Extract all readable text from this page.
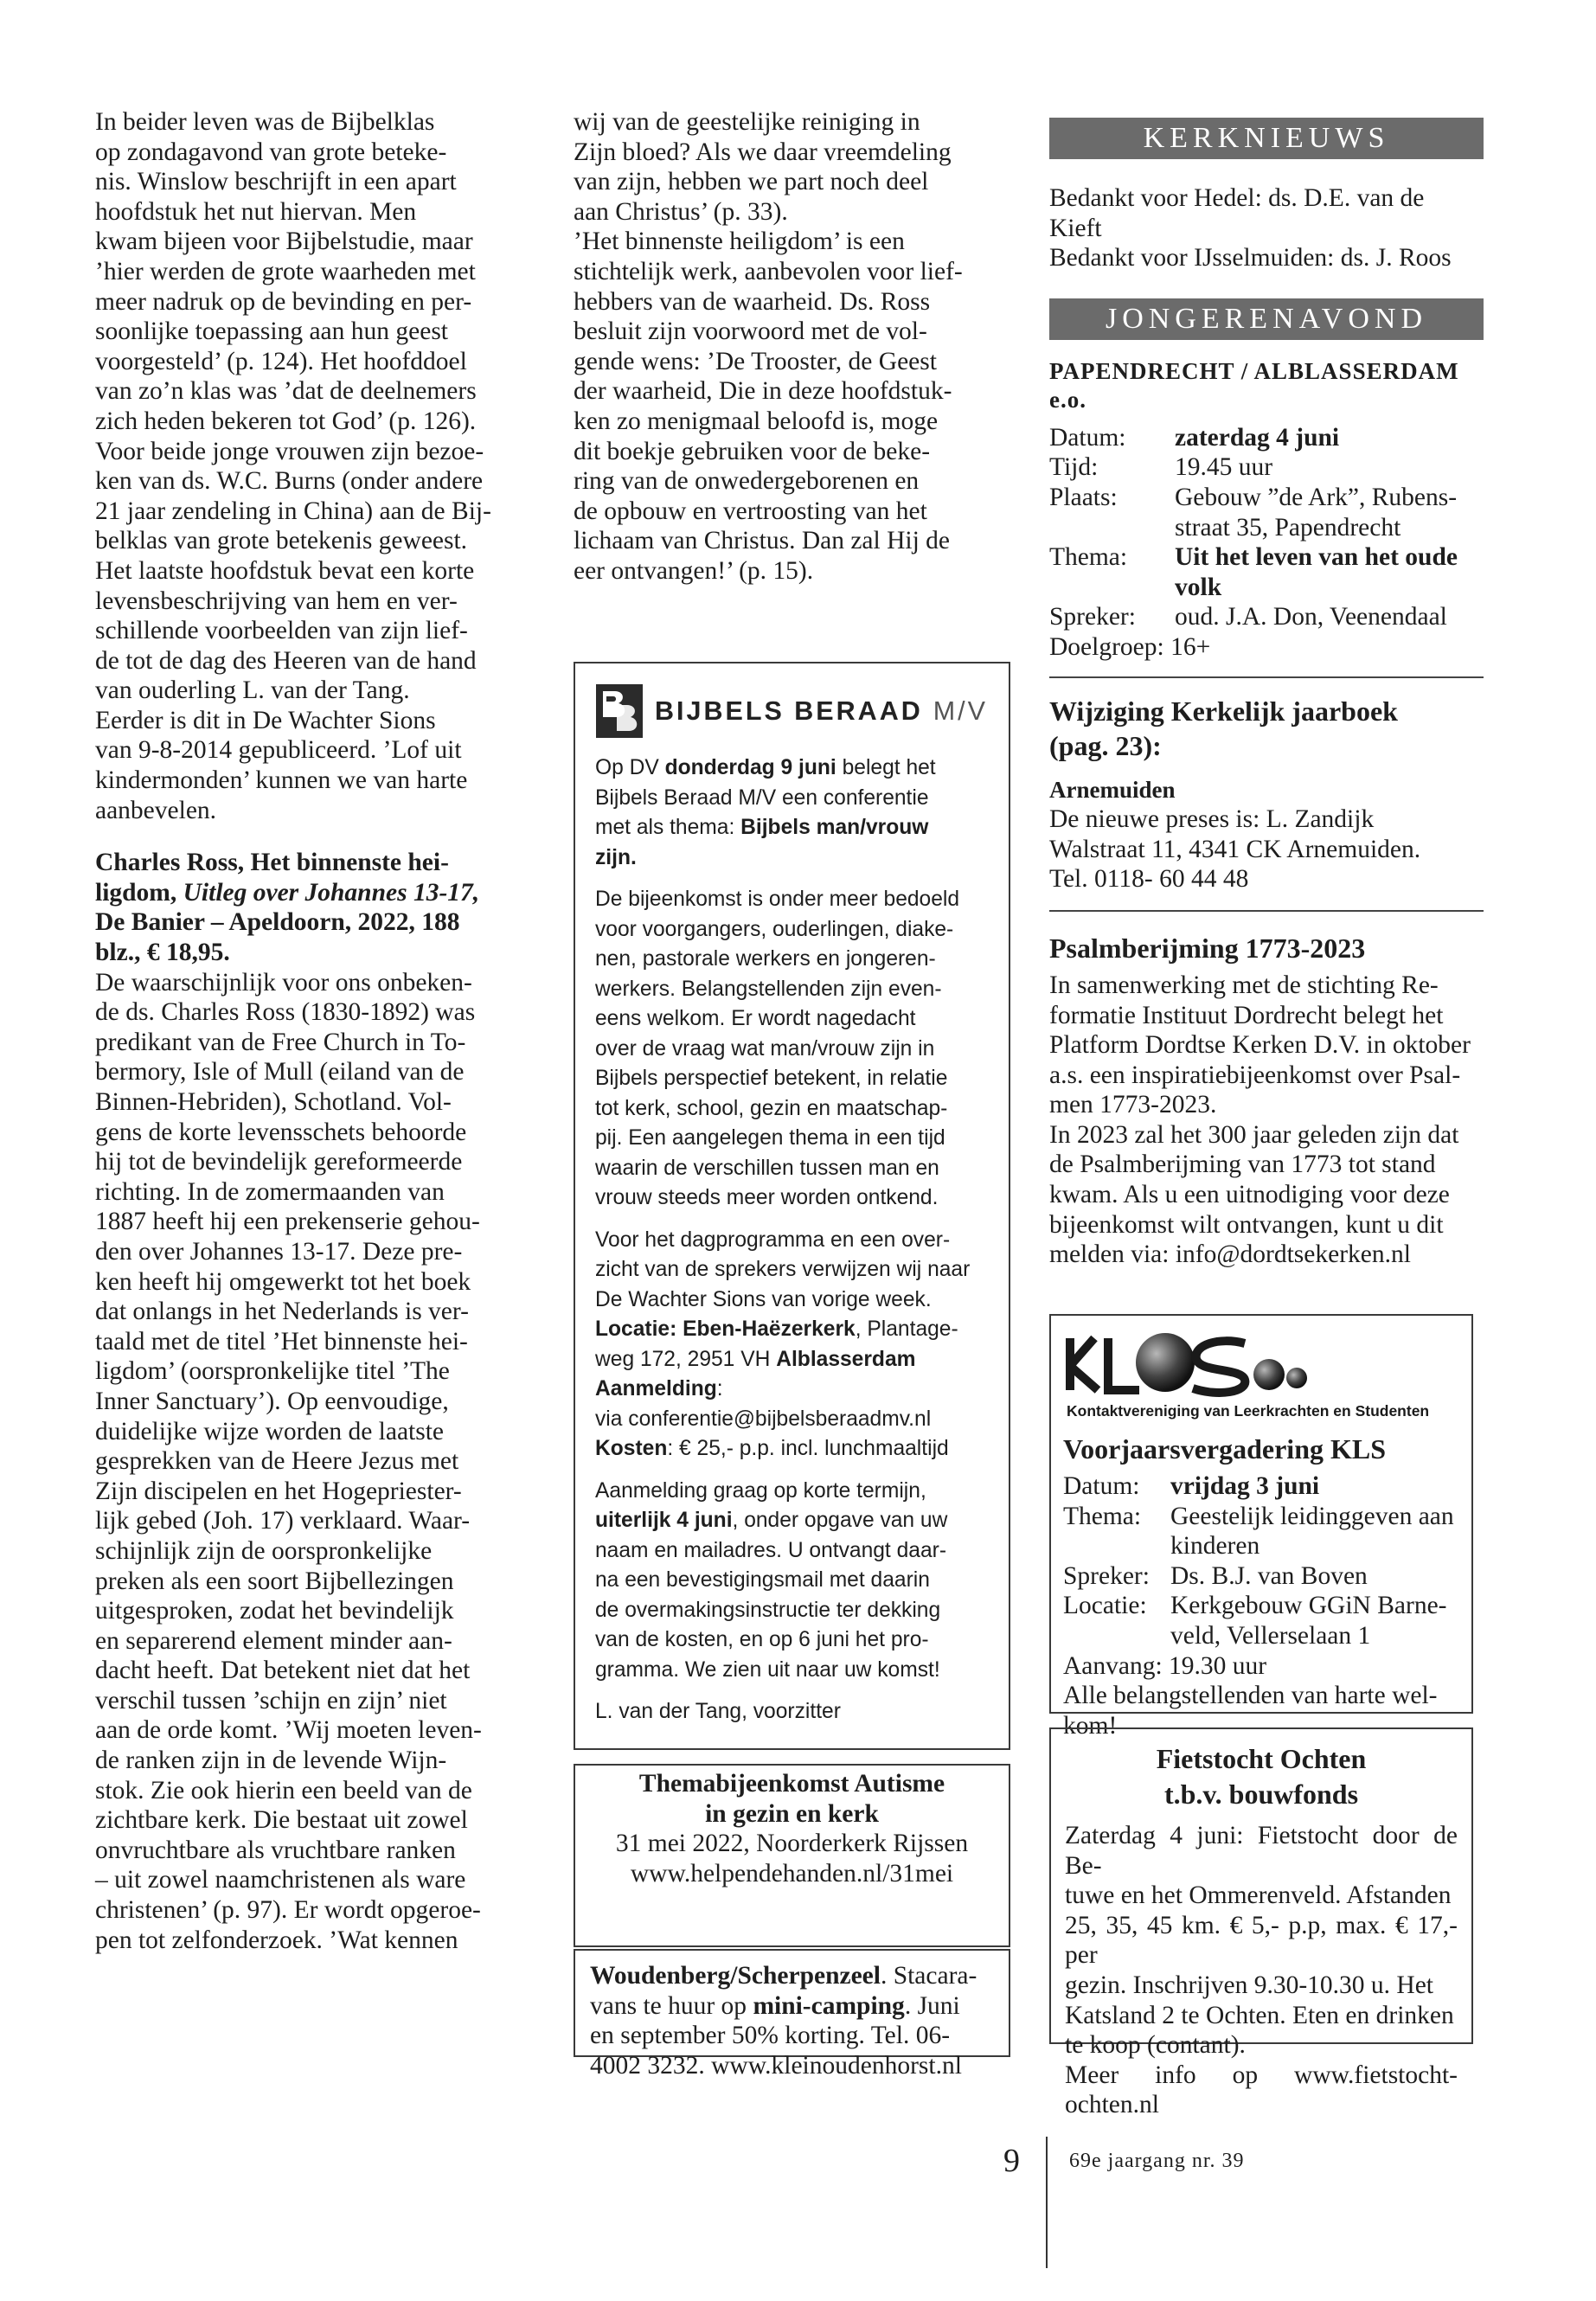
In beider leven was de Bijbelklas

op zondagavond van grote beteke-

nis. Winslow beschrijft in een apart

hoofdstuk het nut hiervan. Men

kwam bijeen voor Bijbelstudie, maar

’hier werden de grote waarheden met

meer nadruk op de bevinding en per-

soonlijke toepassing aan hun geest

voorgesteld’ (p. 124). Het hoofddoel

van zo’n klas was ’dat de deelnemers

zich heden bekeren tot God’ (p. 126).

Voor beide jonge vrouwen zijn bezoe-

ken van ds. W.C. Burns (onder andere

21 jaar zendeling in China) aan de Bij-

belklas van grote betekenis geweest.

Het laatste hoofdstuk bevat een korte

levensbeschrijving van hem en ver-

schillende voorbeelden van zijn lief-

de tot de dag des Heeren van de hand

van ouderling L. van der Tang.

Eerder is dit in De Wachter Sions

van 9-8-2014 gepubliceerd. ’Lof uit

kindermonden’ kunnen we van harte

aanbevelen.

Charles Ross, Het binnenste hei-

ligdom, Uitleg over Johannes 13-17,

De Banier – Apeldoorn, 2022, 188

blz., € 18,95.

De waarschijnlijk voor ons onbeken-

de ds. Charles Ross (1830-1892) was

predikant van de Free Church in To-

bermory, Isle of Mull (eiland van de

Binnen-Hebriden), Schotland. Vol-

gens de korte levensschets behoorde

hij tot de bevindelijk gereformeerde

richting. In de zomermaanden van

1887 heeft hij een prekenserie gehou-

den over Johannes 13-17. Deze pre-

ken heeft hij omgewerkt tot het boek

dat onlangs in het Nederlands is ver-

taald met de titel ’Het binnenste hei-

ligdom’ (oorspronkelijke titel ’The

Inner Sanctuary’). Op eenvoudige,

duidelijke wijze worden de laatste

gesprekken van de Heere Jezus met

Zijn discipelen en het Hogepriester-

lijk gebed (Joh. 17) verklaard. Waar-

schijnlijk zijn de oorspronkelijke

preken als een soort Bijbellezingen

uitgesproken, zodat het bevindelijk

en separerend element minder aan-

dacht heeft. Dat betekent niet dat het

verschil tussen ’schijn en zijn’ niet

aan de orde komt. ’Wij moeten leven-

de ranken zijn in de levende Wijn-

stok. Zie ook hierin een beeld van de

zichtbare kerk. Die bestaat uit zowel

onvruchtbare als vruchtbare ranken

– uit zowel naamchristenen als ware

christenen’ (p. 97). Er wordt opgeroe-

pen tot zelfonderzoek. ’Wat kennen

wij van de geestelijke reiniging in

Zijn bloed? Als we daar vreemdeling

van zijn, hebben we part noch deel

aan Christus’ (p. 33).

’Het binnenste heiligdom’ is een

stichtelijk werk, aanbevolen voor lief-

hebbers van de waarheid. Ds. Ross

besluit zijn voorwoord met de vol-

gende wens: ’De Trooster, de Geest

der waarheid, Die in deze hoofdstuk-

ken zo menigmaal beloofd is, moge

dit boekje gebruiken voor de beke-

ring van de onwedergeborenen en

de opbouw en vertroosting van het

lichaam van Christus. Dan zal Hij de

eer ontvangen!’ (p. 15).

BIJBELS BERAAD M/V

Op DV donderdag 9 juni belegt het

Bijbels Beraad M/V een conferentie

met als thema: Bijbels man/vrouw

zijn.

De bijeenkomst is onder meer bedoeld

voor voorgangers, ouderlingen, diake-

nen, pastorale werkers en jongeren-

werkers. Belangstellenden zijn even-

eens welkom. Er wordt nagedacht

over de vraag wat man/vrouw zijn in

Bijbels perspectief betekent, in relatie

tot kerk, school, gezin en maatschap-

pij. Een aangelegen thema in een tijd

waarin de verschillen tussen man en

vrouw steeds meer worden ontkend.

Voor het dagprogramma en een over-

zicht van de sprekers verwijzen wij naar

De Wachter Sions van vorige week.

Locatie: Eben-Haëzerkerk, Plantage-

weg 172, 2951 VH Alblasserdam

Aanmelding:

via conferentie@bijbelsberaadmv.nl

Kosten: € 25,- p.p. incl. lunchmaaltijd

Aanmelding graag op korte termijn,

uiterlijk 4 juni, onder opgave van uw

naam en mailadres. U ontvangt daar-

na een bevestigingsmail met daarin

de overmakingsinstructie ter dekking

van de kosten, en op 6 juni het pro-

gramma. We zien uit naar uw komst!

L. van der Tang, voorzitter

Themabijeenkomst Autisme

in gezin en kerk

31 mei 2022, Noorderkerk Rijssen

www.helpendehanden.nl/31mei

Woudenberg/Scherpenzeel. Stacara-

vans te huur op mini-camping. Juni

en september 50% korting. Tel. 06-

4002 3232. www.kleinoudenhorst.nl

KERKNIEUWS

Bedankt voor Hedel: ds. D.E. van de

Kieft

Bedankt voor IJsselmuiden: ds. J. Roos

JONGERENAVOND

PAPENDRECHT / ALBLASSERDAM

e.o.

Datum:	zaterdag 4 juni
Tijd:	19.45 uur
Plaats:	Gebouw ”de Ark”, Rubens-
straat 35, Papendrecht
Thema:	Uit het leven van het oude
volk
Spreker:	oud. J.A. Don, Veenendaal

Doelgroep: 16+

Wijziging Kerkelijk jaarboek

(pag. 23):

Arnemuiden

De nieuwe preses is: L. Zandijk

Walstraat 11, 4341 CK Arnemuiden.

Tel. 0118- 60 44 48

Psalmberijming 1773-2023

In samenwerking met de stichting Re-

formatie Instituut Dordrecht belegt het

Platform Dordtse Kerken D.V. in oktober

a.s. een inspiratiebijeenkomst over Psal-

men 1773-2023.

In 2023 zal het 300 jaar geleden zijn dat

de Psalmberijming van 1773 tot stand

kwam. Als u een uitnodiging voor deze

bijeenkomst wilt ontvangen, kunt u dit

melden via: info@dordtsekerken.nl

Kontaktvereniging van Leerkrachten en Studenten

Voorjaarsvergadering KLS

Datum:	vrijdag 3 juni
Thema:	Geestelijk leidinggeven aan
kinderen
Spreker: Ds. B.J. van Boven
Locatie: Kerkgebouw GGiN Barne-
veld, Vellerselaan 1

Aanvang: 19.30 uur

Alle belangstellenden van harte wel-

kom!

Fietstocht Ochten

t.b.v. bouwfonds

Zaterdag 4 juni: Fietstocht door de Be-

tuwe en het Ommerenveld. Afstanden

25, 35, 45 km. € 5,- p.p, max. € 17,- per

gezin. Inschrijven 9.30-10.30 u. Het

Katsland 2 te Ochten. Eten en drinken

te koop (contant).

Meer info op www.fietstocht-ochten.nl

9 69e jaargang nr. 39
